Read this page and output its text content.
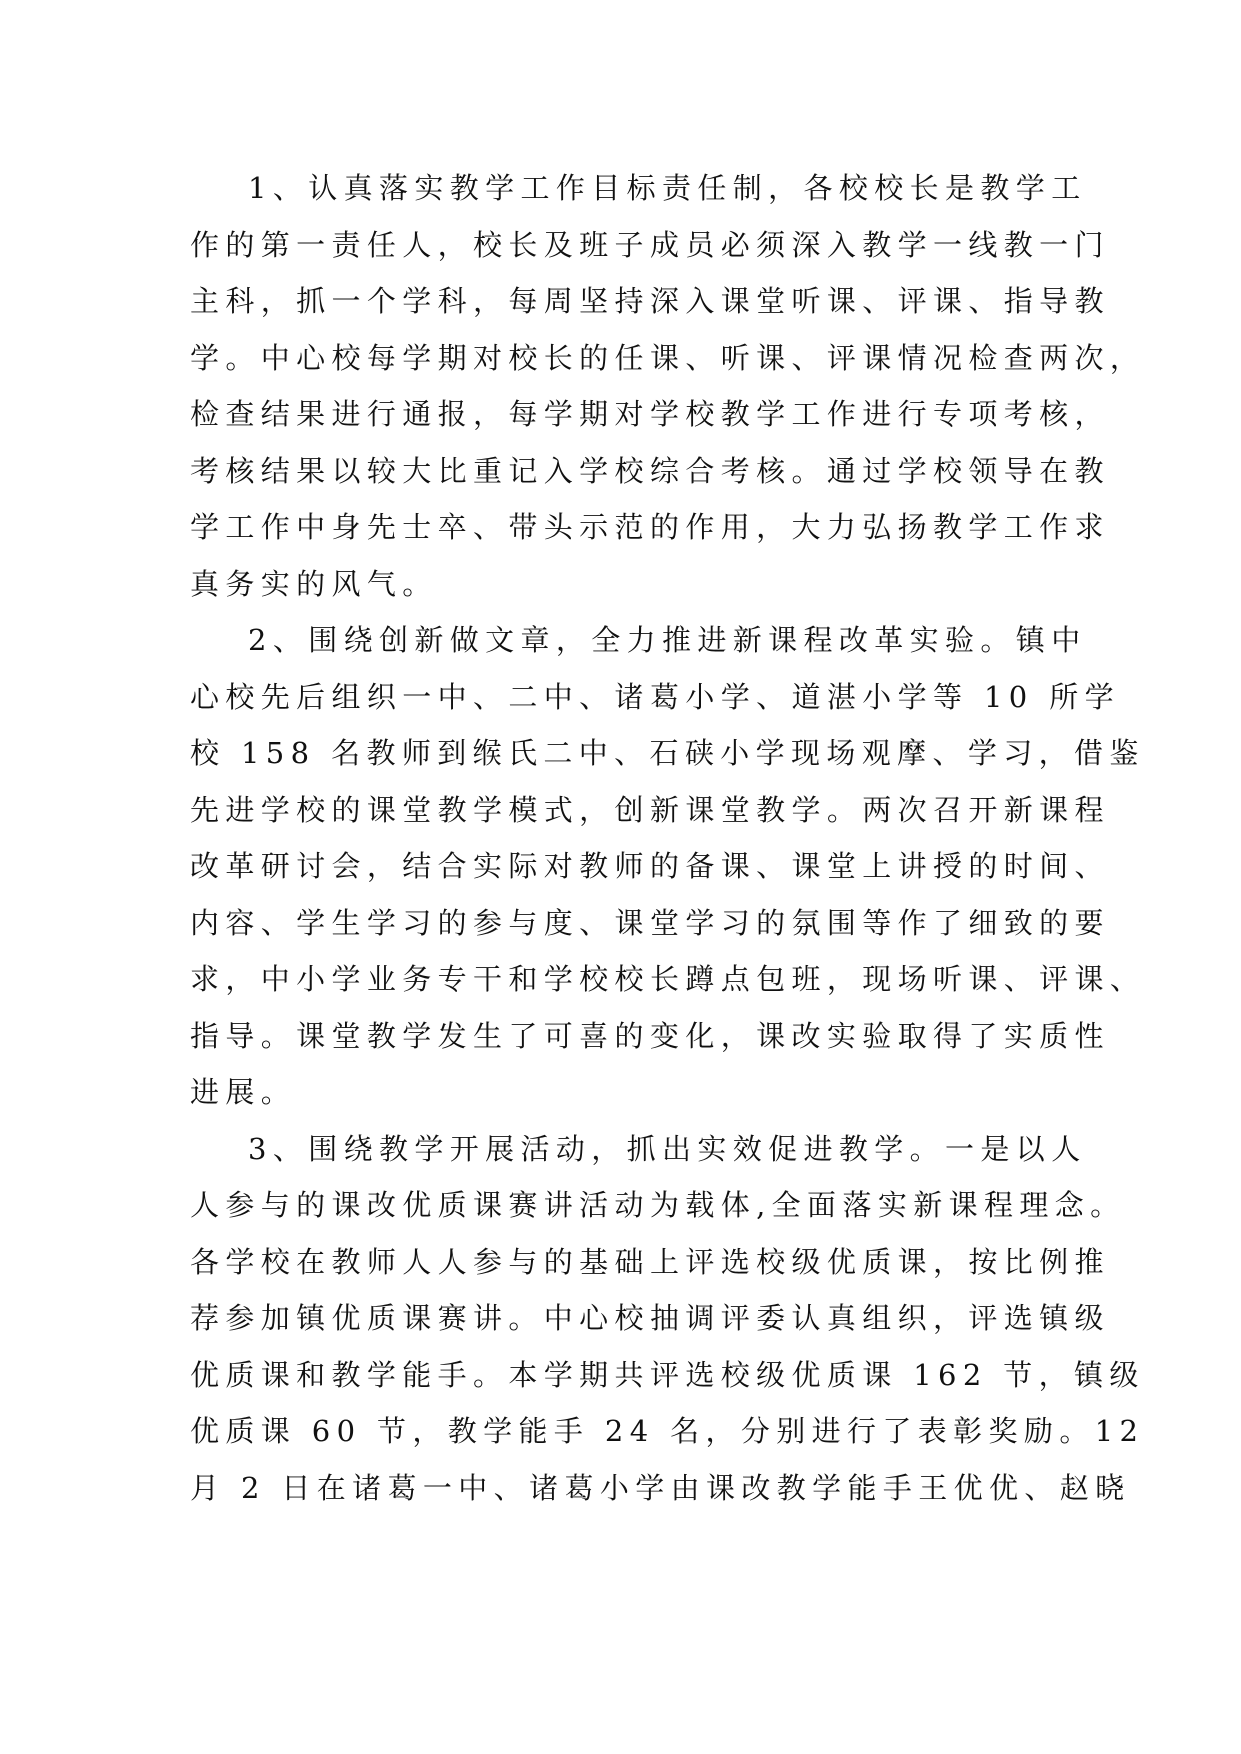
1、认真落实教学工作目标责任制，各校校长是教学工
作的第一责任人，校长及班子成员必须深入教学一线教一门
主科，抓一个学科，每周坚持深入课堂听课、评课、指导教
学。中心校每学期对校长的任课、听课、评课情况检查两次，
检查结果进行通报，每学期对学校教学工作进行专项考核，
考核结果以较大比重记入学校综合考核。通过学校领导在教
学工作中身先士卒、带头示范的作用，大力弘扬教学工作求
真务实的风气。
2、围绕创新做文章，全力推进新课程改革实验。镇中
心校先后组织一中、二中、诸葛小学、道湛小学等 10 所学
校 158 名教师到缑氏二中、石硖小学现场观摩、学习，借鉴
先进学校的课堂教学模式，创新课堂教学。两次召开新课程
改革研讨会，结合实际对教师的备课、课堂上讲授的时间、
内容、学生学习的参与度、课堂学习的氛围等作了细致的要
求，中小学业务专干和学校校长蹲点包班，现场听课、评课、
指导。课堂教学发生了可喜的变化，课改实验取得了实质性
进展。
3、围绕教学开展活动，抓出实效促进教学。一是以人
人参与的课改优质课赛讲活动为载体,全面落实新课程理念。
各学校在教师人人参与的基础上评选校级优质课，按比例推
荐参加镇优质课赛讲。中心校抽调评委认真组织，评选镇级
优质课和教学能手。本学期共评选校级优质课 162 节，镇级
优质课 60 节，教学能手 24 名，分别进行了表彰奖励。12
月 2 日在诸葛一中、诸葛小学由课改教学能手王优优、赵晓
